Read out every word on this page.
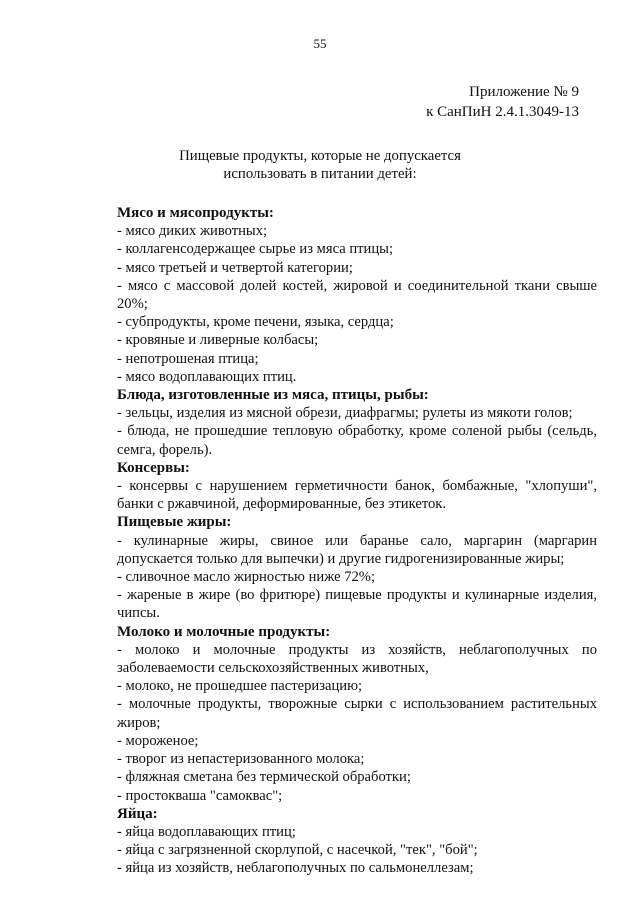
55
Приложение № 9
к СанПиН 2.4.1.3049-13
Пищевые продукты, которые не допускается
использовать в питании детей:

Мясо и мясопродукты:

- мясо диких животных;

- коллагенсодержащее сырье из мяса птицы;

- мясо третьей и четвертой категории;

- мясо с массовой долей костей, жировой и соединительной ткани свыше 20%;

- субпродукты, кроме печени, языка, сердца;

- кровяные и ливерные колбасы;

- непотрошеная птица;

- мясо водоплавающих птиц.

Блюда, изготовленные из мяса, птицы, рыбы:

- зельцы, изделия из мясной обрези, диафрагмы; рулеты из мякоти голов;

- блюда, не прошедшие тепловую обработку, кроме соленой рыбы (сельдь, семга, форель).

Консервы:

- консервы с нарушением герметичности банок, бомбажные, "хлопуши", банки с ржавчиной, деформированные, без этикеток.

Пищевые жиры:

- кулинарные жиры, свиное или баранье сало, маргарин (маргарин допускается только для выпечки) и другие гидрогенизированные жиры;

- сливочное масло жирностью ниже 72%;

- жареные в жире (во фритюре) пищевые продукты и кулинарные изделия, чипсы.

Молоко и молочные продукты:

- молоко и молочные продукты из хозяйств, неблагополучных по заболеваемости сельскохозяйственных животных,

- молоко, не прошедшее пастеризацию;

- молочные продукты, творожные сырки с использованием растительных жиров;

- мороженое;

- творог из непастеризованного молока;

- фляжная сметана без термической обработки;

- простокваша "самоквас";

Яйца:

- яйца водоплавающих птиц;

- яйца с загрязненной скорлупой, с насечкой, "тек", "бой";

- яйца из хозяйств, неблагополучных по сальмонеллезам;
